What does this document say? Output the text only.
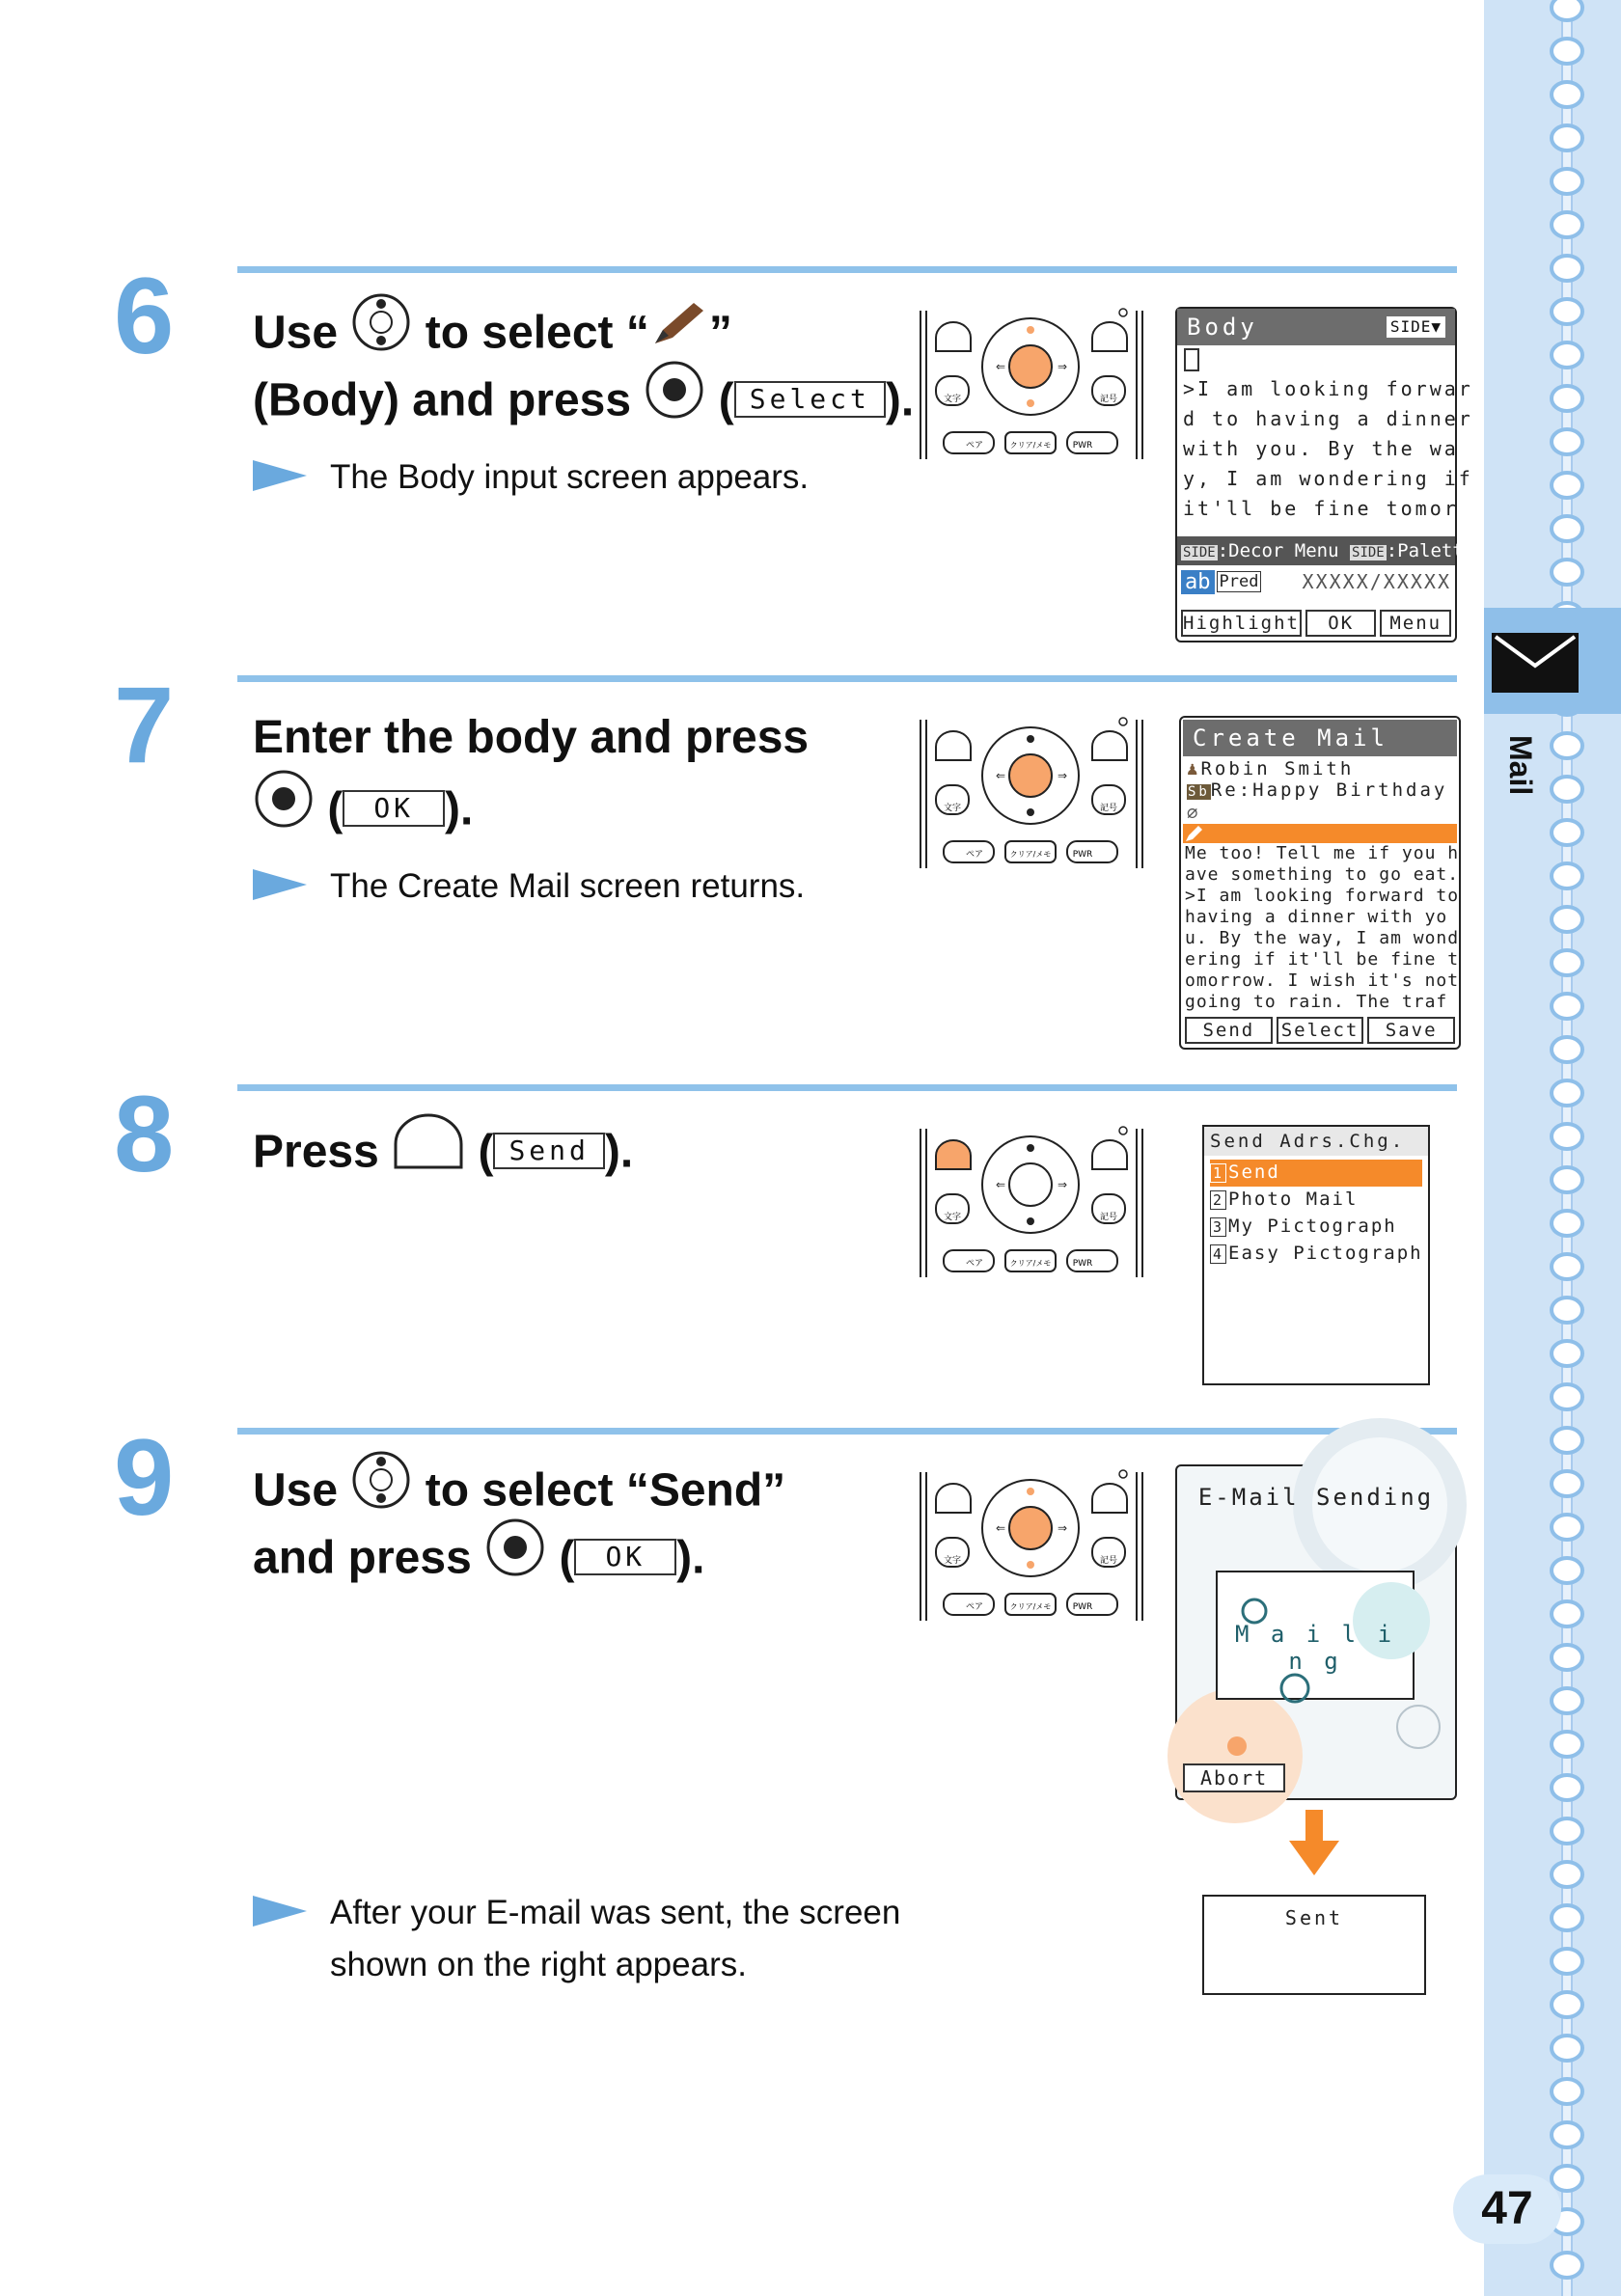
Mail
47
6 Use to select “ ”
(Body) and press ( Select ).
The Body input screen appears.
⇐	⇒
文字	記号
ペア	クリア/メモ PWR
Body	SIDE▼
>I am looking forwar
d to having a dinner
with you. By the wa
y, I am wondering if
it'll be fine tomor
SIDE :Decor Menu SIDE :Palette
ab Pred XXXXX/XXXXX
Highlight	OK	Menu
7 Enter the body and press
( OK ).
The Create Mail screen returns.
⇐	⇒
文字	記号
ペア	クリア/メモ PWR
Create Mail
♟Robin Smith
SbRe:Happy Birthday
⌀
Me too! Tell me if you h
ave something to go eat.
>I am looking forward to
having a dinner with yo
u. By the way, I am wond
ering if it'll be fine t
omorrow. I wish it's not
going to rain. The traf
Send	Select	Save
8 Press ( Send ).
⇐	⇒
文字	記号
ペア	クリア/メモ PWR
Send Adrs.Chg.
1 Send
2 Photo Mail
3 My Pictograph
4 Easy Pictograph
9 Use to select “Send”
and press ( OK ).
⇐	⇒
文字	記号
ペア	クリア/メモ PWR
E-Mail Sending
M a i l i n g
Abort
Sent
After your E-mail was sent, the screen
shown on the right appears.
